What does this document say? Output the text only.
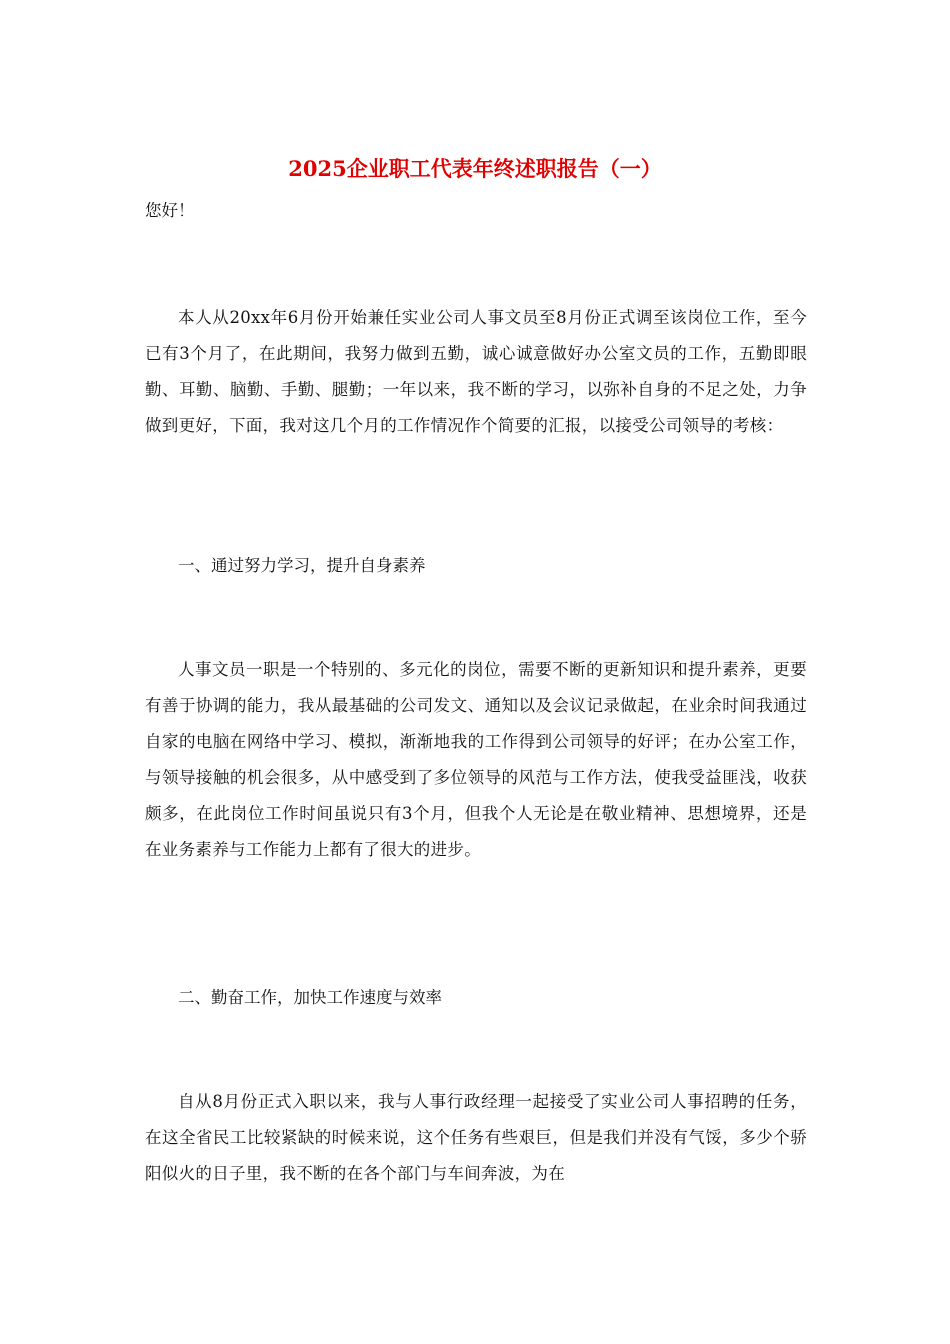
2025企业职工代表年终述职报告（一）

您好！

本人从20xx年6月份开始兼任实业公司人事文员至8月份正式调至该岗位工作，至今已有3个月了，在此期间，我努力做到五勤，诚心诚意做好办公室文员的工作，五勤即眼勤、耳勤、脑勤、手勤、腿勤；一年以来，我不断的学习，以弥补自身的不足之处，力争做到更好，下面，我对这几个月的工作情况作个简要的汇报，以接受公司领导的考核：

一、通过努力学习，提升自身素养

人事文员一职是一个特别的、多元化的岗位，需要不断的更新知识和提升素养，更要有善于协调的能力，我从最基础的公司发文、通知以及会议记录做起，在业余时间我通过自家的电脑在网络中学习、模拟，渐渐地我的工作得到公司领导的好评；在办公室工作，与领导接触的机会很多，从中感受到了多位领导的风范与工作方法，使我受益匪浅，收获颇多，在此岗位工作时间虽说只有3个月，但我个人无论是在敬业精神、思想境界，还是在业务素养与工作能力上都有了很大的进步。

二、勤奋工作，加快工作速度与效率

自从8月份正式入职以来，我与人事行政经理一起接受了实业公司人事招聘的任务，在这全省民工比较紧缺的时候来说，这个任务有些艰巨，但是我们并没有气馁，多少个骄阳似火的日子里，我不断的在各个部门与车间奔波，为在
